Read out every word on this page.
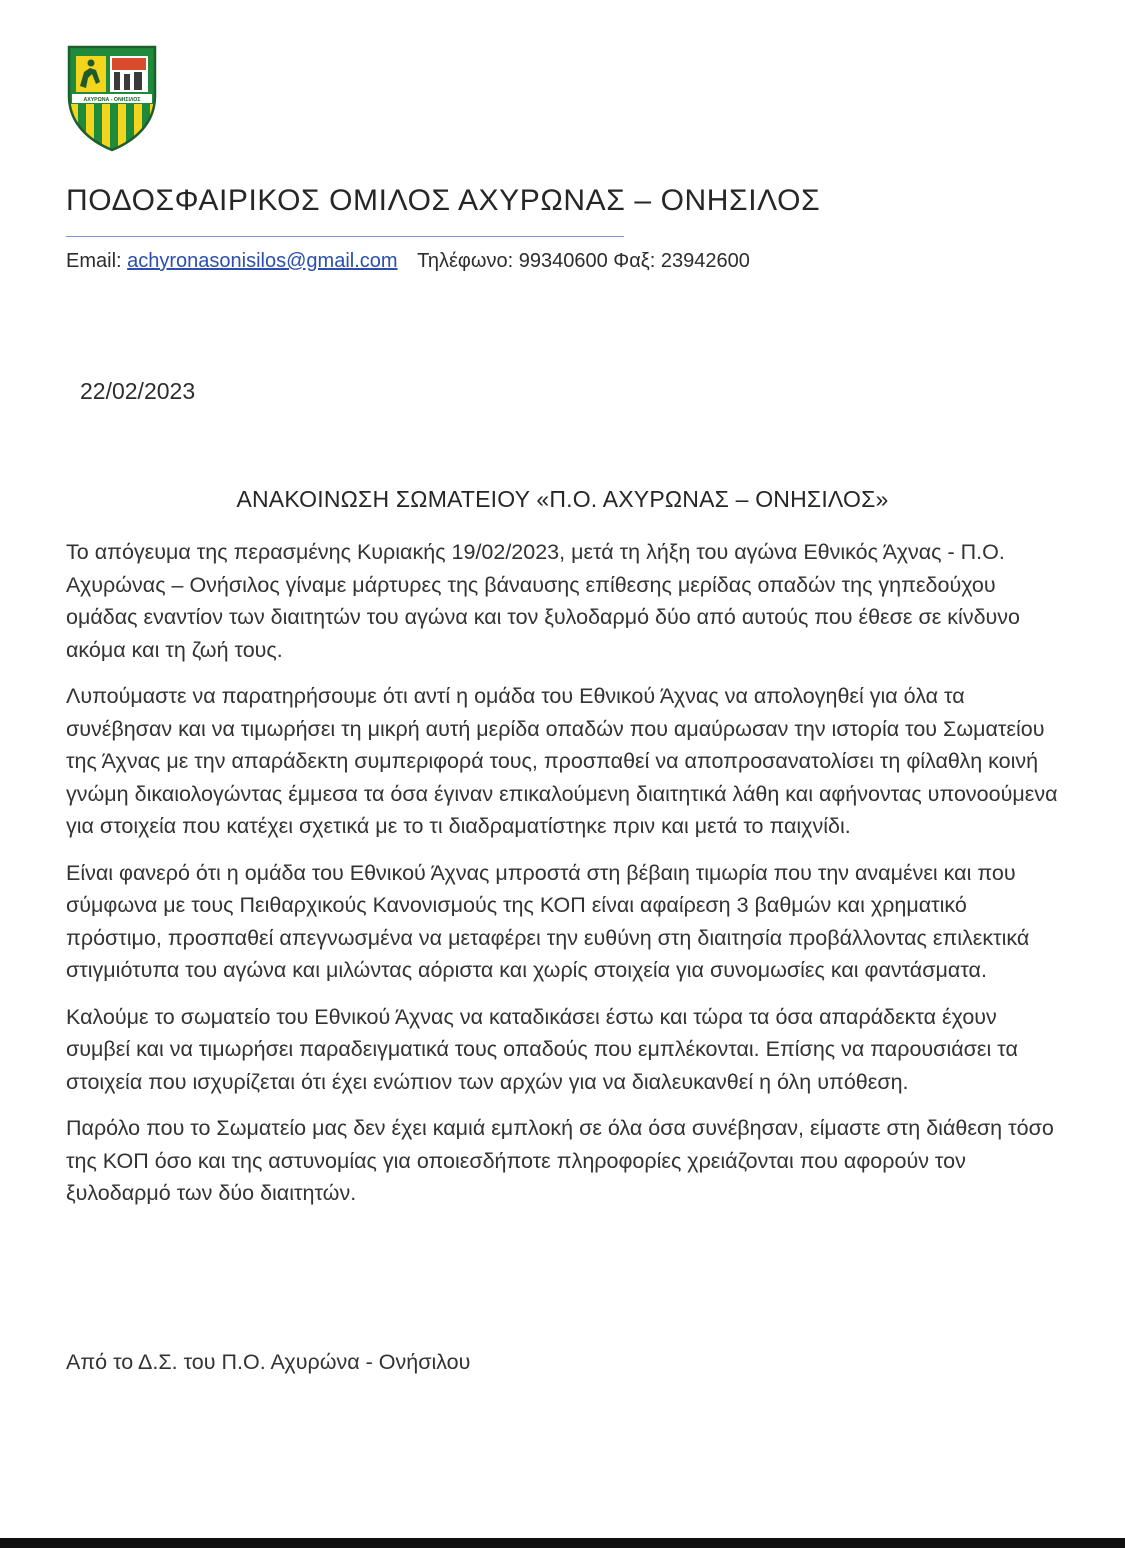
ΑΧΥΡΩΝΑ - ΟΝΗΣΙΛΟΣ
ΠΟΔΟΣΦΑΙΡΙΚΟΣ ΟΜΙΛΟΣ ΑΧΥΡΩΝΑΣ – ΟΝΗΣΙΛΟΣ
Email: achyronasonisilos@gmail.com Τηλέφωνο: 99340600 Φαξ: 23942600
22/02/2023
ΑΝΑΚΟΙΝΩΣΗ ΣΩΜΑΤΕΙΟΥ «Π.Ο. ΑΧΥΡΩΝΑΣ – ΟΝΗΣΙΛΟΣ»

Το απόγευμα της περασμένης Κυριακής 19/02/2023, μετά τη λήξη του αγώνα Εθνικός Άχνας - Π.Ο. Αχυρώνας – Ονήσιλος γίναμε μάρτυρες της βάναυσης επίθεσης μερίδας οπαδών της γηπεδούχου ομάδας εναντίον των διαιτητών του αγώνα και τον ξυλοδαρμό δύο από αυτούς που έθεσε σε κίνδυνο ακόμα και τη ζωή τους.

Λυπούμαστε να παρατηρήσουμε ότι αντί η ομάδα του Εθνικού Άχνας να απολογηθεί για όλα τα συνέβησαν και να τιμωρήσει τη μικρή αυτή μερίδα οπαδών που αμαύρωσαν την ιστορία του Σωματείου της Άχνας με την απαράδεκτη συμπεριφορά τους, προσπαθεί να αποπροσανατολίσει τη φίλαθλη κοινή γνώμη δικαιολογώντας έμμεσα τα όσα έγιναν επικαλούμενη διαιτητικά λάθη και αφήνοντας υπονοούμενα για στοιχεία που κατέχει σχετικά με το τι διαδραματίστηκε πριν και μετά το παιχνίδι.

Είναι φανερό ότι η ομάδα του Εθνικού Άχνας μπροστά στη βέβαιη τιμωρία που την αναμένει και που σύμφωνα με τους Πειθαρχικούς Κανονισμούς της ΚΟΠ είναι αφαίρεση 3 βαθμών και χρηματικό πρόστιμο, προσπαθεί απεγνωσμένα να μεταφέρει την ευθύνη στη διαιτησία προβάλλοντας επιλεκτικά στιγμιότυπα του αγώνα και μιλώντας αόριστα και χωρίς στοιχεία για συνομωσίες και φαντάσματα.

Καλούμε το σωματείο του Εθνικού Άχνας να καταδικάσει έστω και τώρα τα όσα απαράδεκτα έχουν συμβεί και να τιμωρήσει παραδειγματικά τους οπαδούς που εμπλέκονται. Επίσης να παρουσιάσει τα στοιχεία που ισχυρίζεται ότι έχει ενώπιον των αρχών για να διαλευκανθεί η όλη υπόθεση.

Παρόλο που το Σωματείο μας δεν έχει καμιά εμπλοκή σε όλα όσα συνέβησαν, είμαστε στη διάθεση τόσο της ΚΟΠ όσο και της αστυνομίας για οποιεσδήποτε πληροφορίες χρειάζονται που αφορούν τον ξυλοδαρμό των δύο διαιτητών.

Από το Δ.Σ. του Π.Ο. Αχυρώνα - Ονήσιλου
